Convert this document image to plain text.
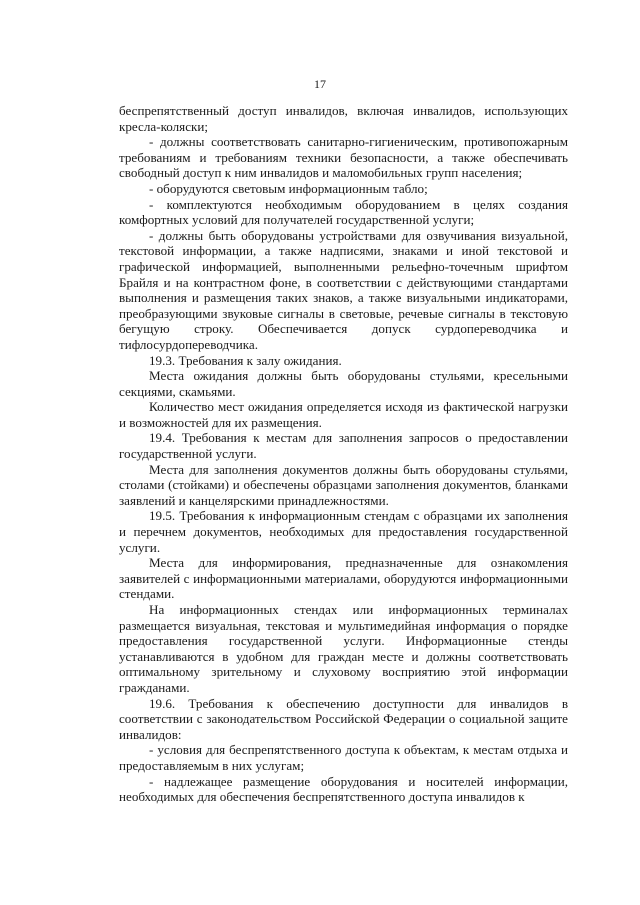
17

беспрепятственный доступ инвалидов, включая инвалидов, использующих кресла-коляски;

- должны соответствовать санитарно-гигиеническим, противопожарным требованиям и требованиям техники безопасности, а также обеспечивать свободный доступ к ним инвалидов и маломобильных групп населения;

- оборудуются световым информационным табло;

- комплектуются необходимым оборудованием в целях создания комфортных условий для получателей государственной услуги;

- должны быть оборудованы устройствами для озвучивания визуальной, текстовой информации, а также надписями, знаками и иной текстовой и графической информацией, выполненными рельефно-точечным шрифтом Брайля и на контрастном фоне, в соответствии с действующими стандартами выполнения и размещения таких знаков, а также визуальными индикаторами, преобразующими звуковые сигналы в световые, речевые сигналы в текстовую бегущую строку. Обеспечивается допуск сурдопереводчика и тифлосурдопереводчика.

19.3. Требования к залу ожидания.

Места ожидания должны быть оборудованы стульями, кресельными секциями, скамьями.

Количество мест ожидания определяется исходя из фактической нагрузки и возможностей для их размещения.

19.4. Требования к местам для заполнения запросов о предоставлении государственной услуги.

Места для заполнения документов должны быть оборудованы стульями, столами (стойками) и обеспечены образцами заполнения документов, бланками заявлений и канцелярскими принадлежностями.

19.5. Требования к информационным стендам с образцами их заполнения и перечнем документов, необходимых для предоставления государственной услуги.

Места для информирования, предназначенные для ознакомления заявителей с информационными материалами, оборудуются информационными стендами.

На информационных стендах или информационных терминалах размещается визуальная, текстовая и мультимедийная информация о порядке предоставления государственной услуги. Информационные стенды устанавливаются в удобном для граждан месте и должны соответствовать оптимальному зрительному и слуховому восприятию этой информации гражданами.

19.6. Требования к обеспечению доступности для инвалидов в соответствии с законодательством Российской Федерации о социальной защите инвалидов:

- условия для беспрепятственного доступа к объектам, к местам отдыха и предоставляемым в них услугам;

- надлежащее размещение оборудования и носителей информации, необходимых для обеспечения беспрепятственного доступа инвалидов к
